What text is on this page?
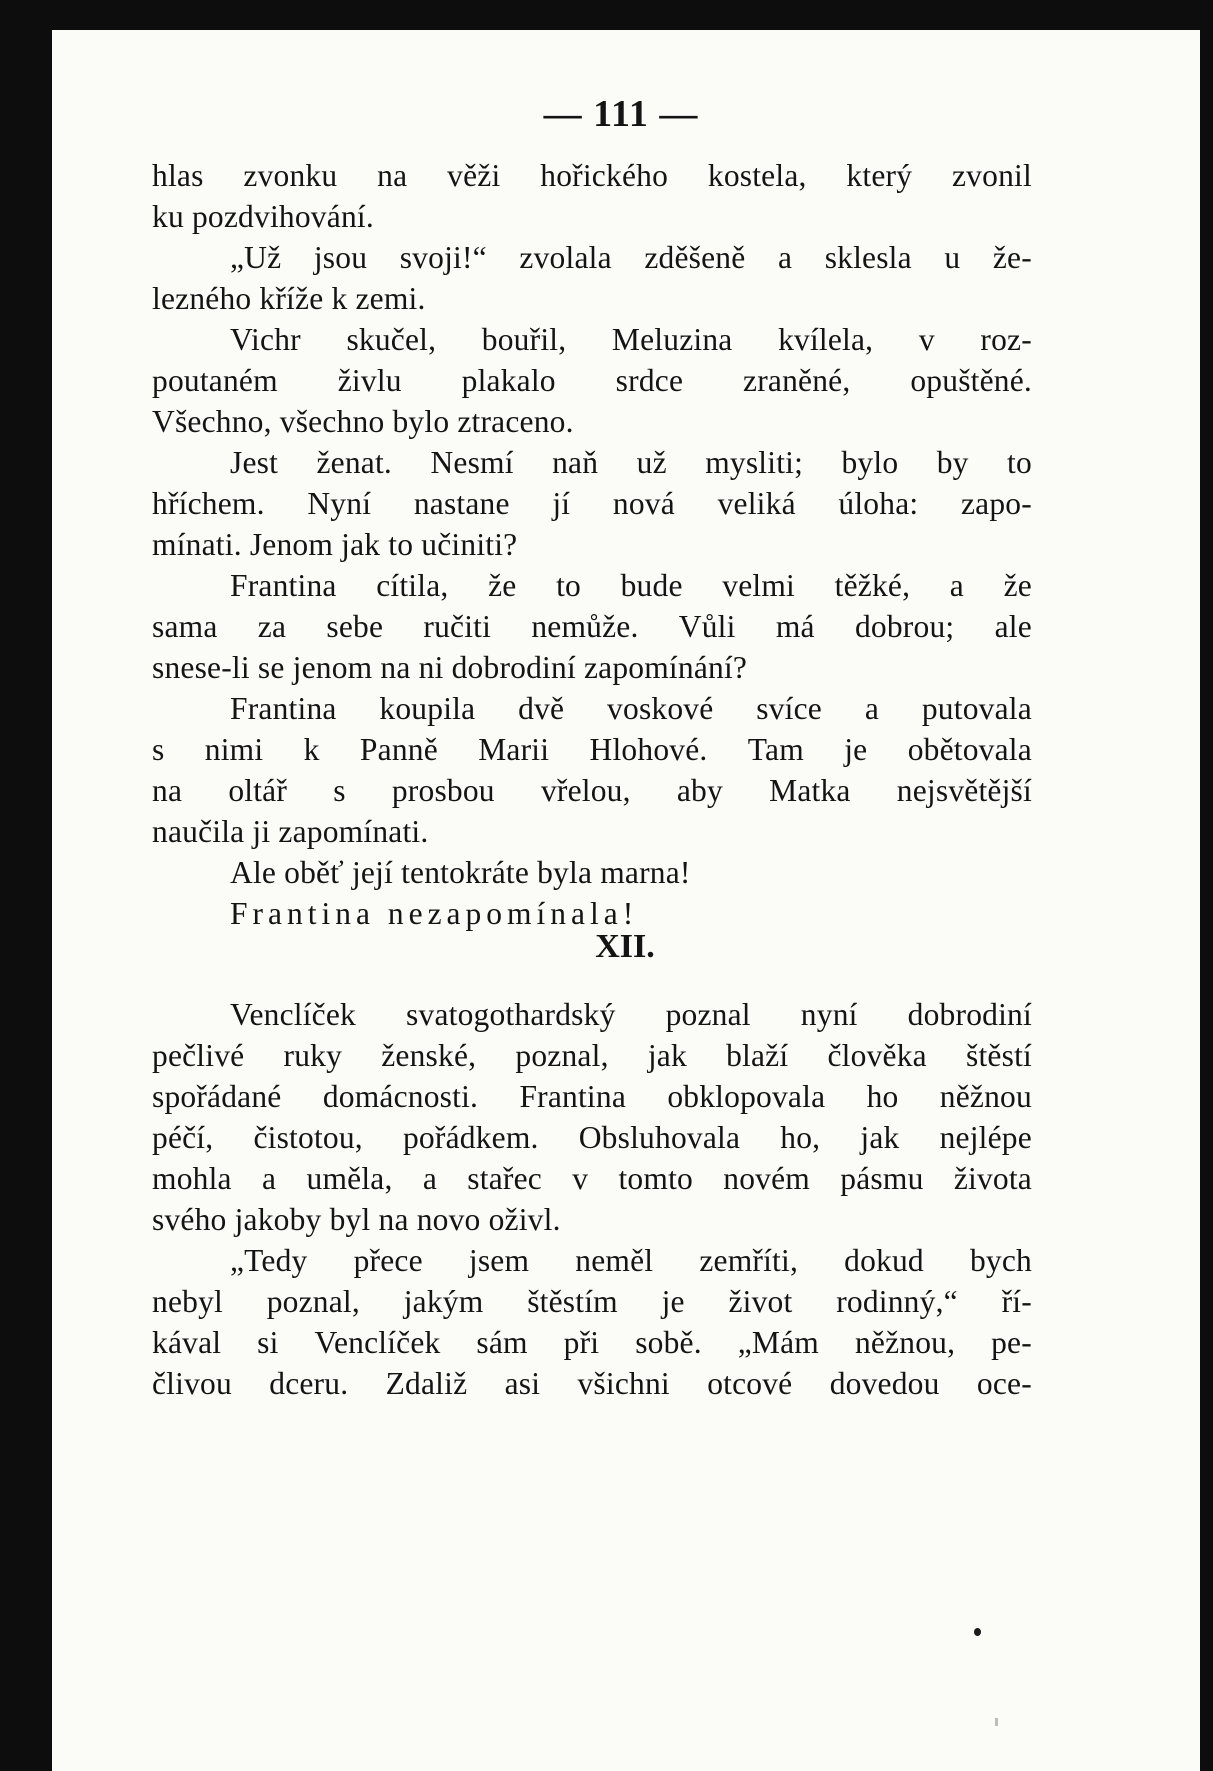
— 111 —
hlas zvonku na věži hořického kostela, který zvonil
ku pozdvihování.
„Už jsou svoji!“ zvolala zděšeně a sklesla u že-
lezného kříže k zemi.
Vichr skučel, bouřil, Meluzina kvílela, v roz-
poutaném živlu plakalo srdce zraněné, opuštěné.
Všechno, všechno bylo ztraceno.
Jest ženat. Nesmí naň už mysliti; bylo by to
hříchem. Nyní nastane jí nová veliká úloha: zapo-
mínati. Jenom jak to učiniti?
Frantina cítila, že to bude velmi těžké, a že
sama za sebe ručiti nemůže. Vůli má dobrou; ale
snese-li se jenom na ni dobrodiní zapomínání?
Frantina koupila dvě voskové svíce a putovala
s nimi k Panně Marii Hlohové. Tam je obětovala
na oltář s prosbou vřelou, aby Matka nejsvětější
naučila ji zapomínati.
Ale oběť její tentokráte byla marna!
Frantina nezapomínala!
XII.
Venclíček svatogothardský poznal nyní dobrodiní
pečlivé ruky ženské, poznal, jak blaží člověka štěstí
spořádané domácnosti. Frantina obklopovala ho něžnou
péčí, čistotou, pořádkem. Obsluhovala ho, jak nejlépe
mohla a uměla, a stařec v tomto novém pásmu života
svého jakoby byl na novo oživl.
„Tedy přece jsem neměl zemříti, dokud bych
nebyl poznal, jakým štěstím je život rodinný,“ ří-
kával si Venclíček sám při sobě. „Mám něžnou, pe-
člivou dceru. Zdaliž asi všichni otcové dovedou oce-
